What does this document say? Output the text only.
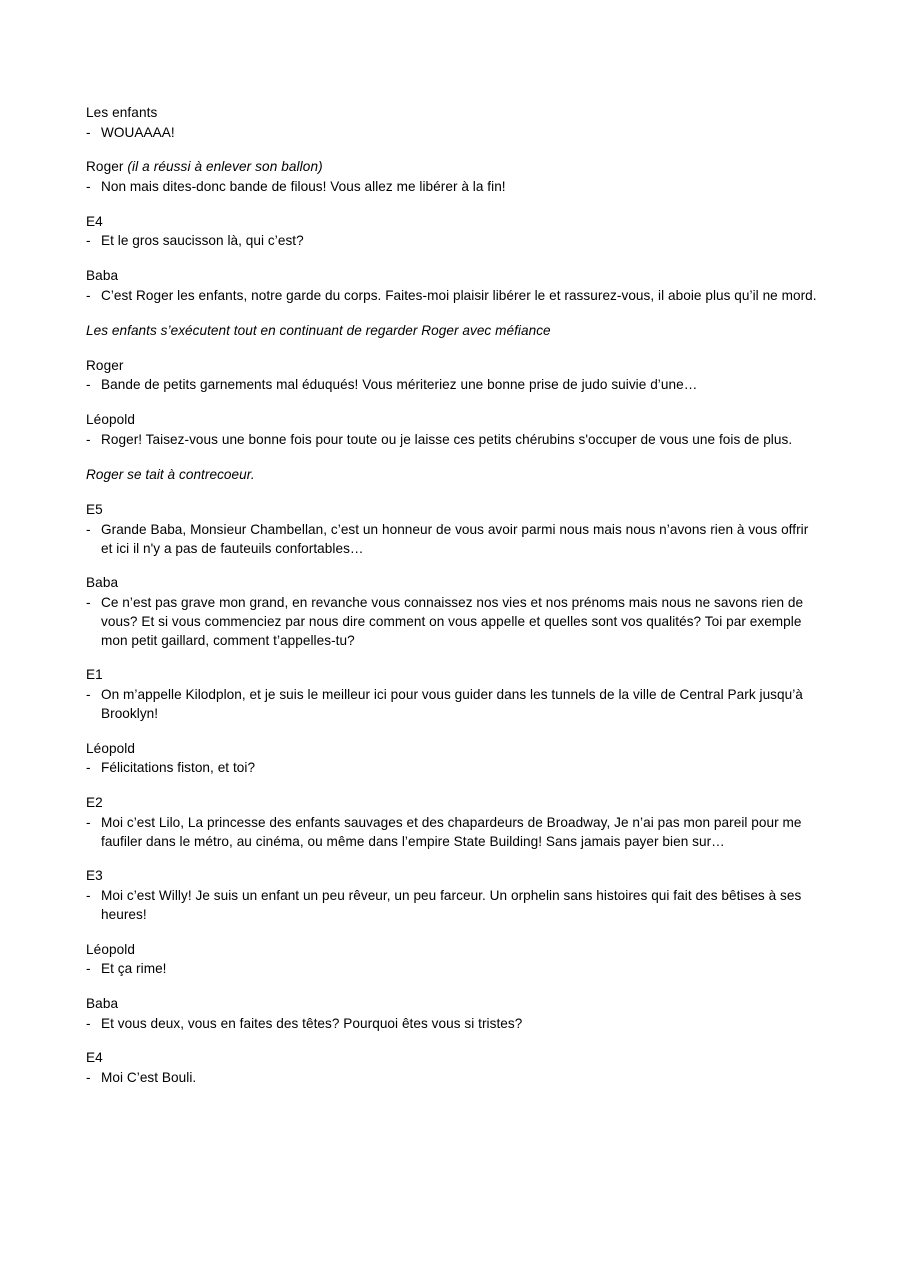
Les enfants
- WOUAAAA!
Roger (il a réussi à enlever son ballon)
- Non mais dites-donc bande de filous! Vous allez me libérer à la fin!
E4
- Et le gros saucisson là, qui c’est?
Baba
- C’est Roger les enfants, notre garde du corps. Faites-moi plaisir libérer le et rassurez-vous, il aboie plus qu’il ne mord.
Les enfants s’exécutent tout en continuant de regarder Roger avec méfiance
Roger
- Bande de petits garnements mal éduqués! Vous mériteriez une bonne prise de judo suivie d’une…
Léopold
- Roger! Taisez-vous une bonne fois pour toute ou je laisse ces petits chérubins s'occuper de vous une fois de plus.
Roger se tait à contrecoeur.
E5
- Grande Baba, Monsieur Chambellan, c’est un honneur de vous avoir parmi nous mais nous n’avons rien à vous offrir et ici il n'y a pas de fauteuils confortables…
Baba
- Ce n’est pas grave mon grand, en revanche vous connaissez nos vies et nos prénoms mais nous ne savons rien de vous? Et si vous commenciez par nous dire comment on vous appelle et quelles sont vos qualités? Toi par exemple mon petit gaillard, comment t’appelles-tu?
E1
- On m’appelle Kilodplon, et je suis le meilleur ici pour vous guider dans les tunnels de la ville de Central Park jusqu’à Brooklyn!
Léopold
- Félicitations fiston, et toi?
E2
- Moi c’est Lilo, La princesse des enfants sauvages et des chapardeurs de Broadway, Je n’ai pas mon pareil pour me faufiler dans le métro, au cinéma, ou même dans l’empire State Building! Sans jamais payer bien sur…
E3
- Moi c’est Willy! Je suis un enfant un peu rêveur, un peu farceur. Un orphelin sans histoires qui fait des bêtises à ses heures!
Léopold
- Et ça rime!
Baba
- Et vous deux, vous en faites des têtes? Pourquoi êtes vous si tristes?
E4
- Moi C’est Bouli.
